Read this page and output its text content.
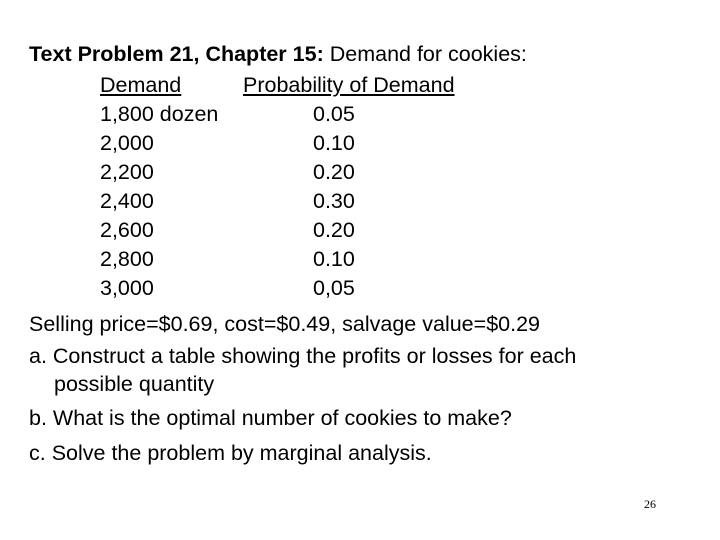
Text Problem 21, Chapter 15: Demand for cookies:
Demand	Probability of Demand
1,800 dozen	0.05
2,000	0.10
2,200	0.20
2,400	0.30
2,600	0.20
2,800	0.10
3,000	0,05
Selling price=$0.69, cost=$0.49, salvage value=$0.29
a. Construct a table showing the profits or losses for each
possible quantity
b. What is the optimal number of cookies to make?
c. Solve the problem by marginal analysis.
26
